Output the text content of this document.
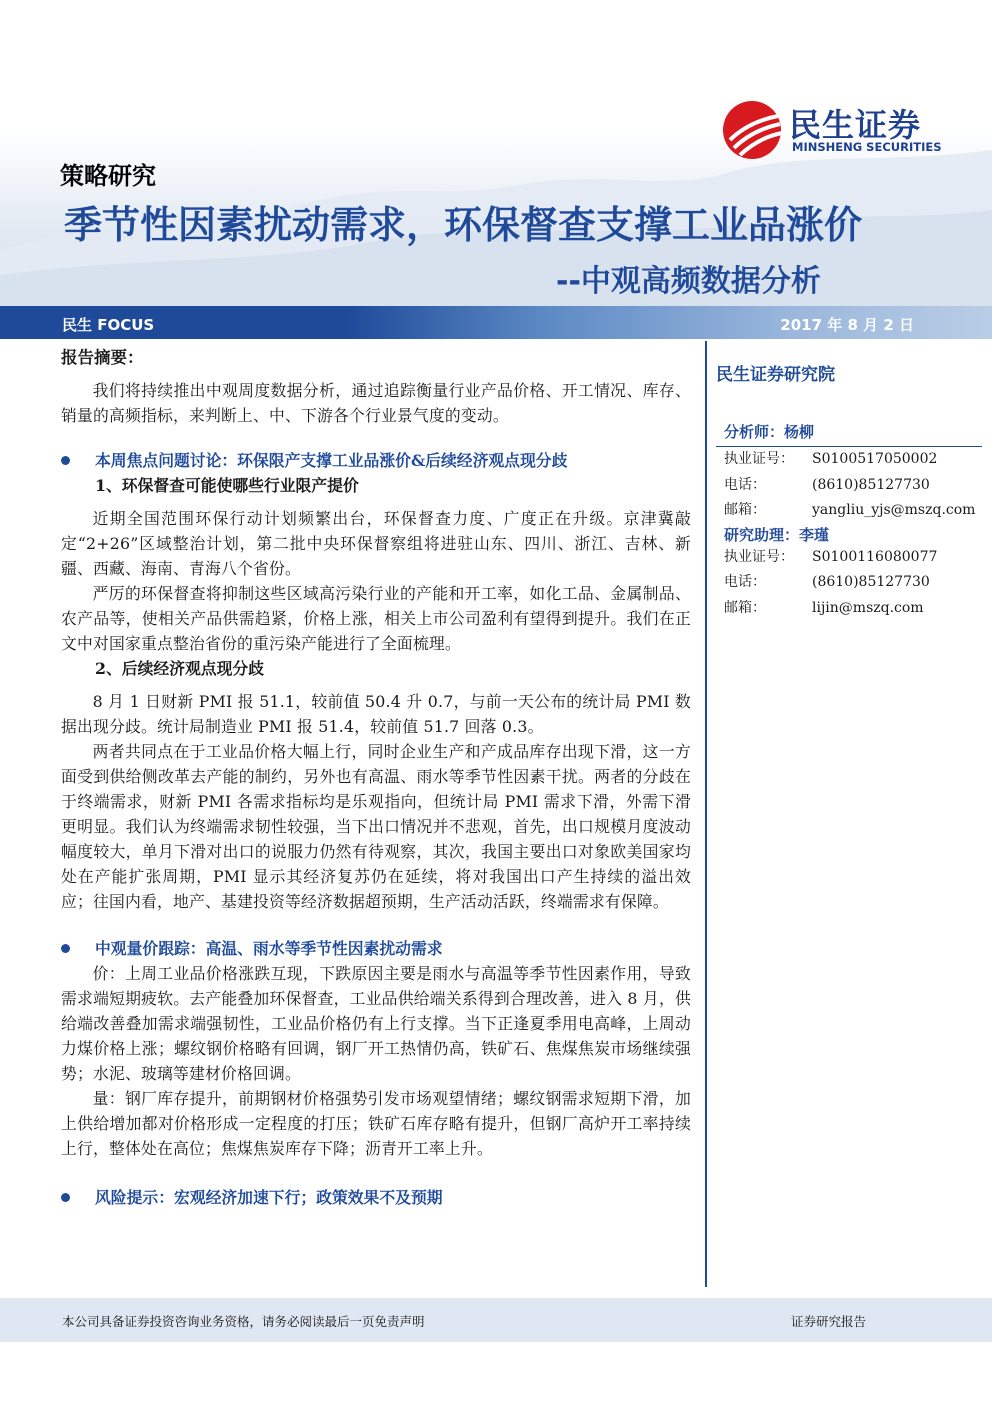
民生证券
MINSHENG SECURITIES
策略研究
季节性因素扰动需求，环保督查支撑工业品涨价
--中观高频数据分析
民生 FOCUS	2017 年 8 月 2 日
报告摘要：

我们将持续推出中观周度数据分析，通过追踪衡量行业产品价格、开工情况、库存、销量的高频指标，来判断上、中、下游各个行业景气度的变动。

本周焦点问题讨论：环保限产支撑工业品涨价&后续经济观点现分歧
1、环保督查可能使哪些行业限产提价

近期全国范围环保行动计划频繁出台，环保督查力度、广度正在升级。京津冀敲定“2+26”区域整治计划，第二批中央环保督察组将进驻山东、四川、浙江、吉林、新疆、西藏、海南、青海八个省份。

严厉的环保督查将抑制这些区域高污染行业的产能和开工率，如化工品、金属制品、农产品等，使相关产品供需趋紧，价格上涨，相关上市公司盈利有望得到提升。我们在正文中对国家重点整治省份的重污染产能进行了全面梳理。

2、后续经济观点现分歧

8 月 1 日财新 PMI 报 51.1，较前值 50.4 升 0.7，与前一天公布的统计局 PMI 数据出现分歧。统计局制造业 PMI 报 51.4，较前值 51.7 回落 0.3。

两者共同点在于工业品价格大幅上行，同时企业生产和产成品库存出现下滑，这一方面受到供给侧改革去产能的制约，另外也有高温、雨水等季节性因素干扰。两者的分歧在于终端需求，财新 PMI 各需求指标均是乐观指向，但统计局 PMI 需求下滑，外需下滑更明显。我们认为终端需求韧性较强，当下出口情况并不悲观，首先，出口规模月度波动幅度较大，单月下滑对出口的说服力仍然有待观察，其次，我国主要出口对象欧美国家均处在产能扩张周期，PMI 显示其经济复苏仍在延续，将对我国出口产生持续的溢出效应；往国内看，地产、基建投资等经济数据超预期，生产活动活跃，终端需求有保障。

中观量价跟踪：高温、雨水等季节性因素扰动需求

价：上周工业品价格涨跌互现，下跌原因主要是雨水与高温等季节性因素作用，导致需求端短期疲软。去产能叠加环保督查，工业品供给端关系得到合理改善，进入 8 月，供给端改善叠加需求端强韧性，工业品价格仍有上行支撑。当下正逢夏季用电高峰，上周动力煤价格上涨；螺纹钢价格略有回调，钢厂开工热情仍高，铁矿石、焦煤焦炭市场继续强势；水泥、玻璃等建材价格回调。

量：钢厂库存提升，前期钢材价格强势引发市场观望情绪；螺纹钢需求短期下滑，加上供给增加都对价格形成一定程度的打压；铁矿石库存略有提升，但钢厂高炉开工率持续上行，整体处在高位；焦煤焦炭库存下降；沥青开工率上升。

风险提示：宏观经济加速下行；政策效果不及预期
民生证券研究院
分析师：杨柳
执业证号： S0100517050002
电话：	(8610)85127730
邮箱：	yangliu_yjs@mszq.com
研究助理：李瑾
执业证号： S0100116080077
电话：	(8610)85127730
邮箱：	lijin@mszq.com
本公司具备证券投资咨询业务资格，请务必阅读最后一页免责声明	证券研究报告
